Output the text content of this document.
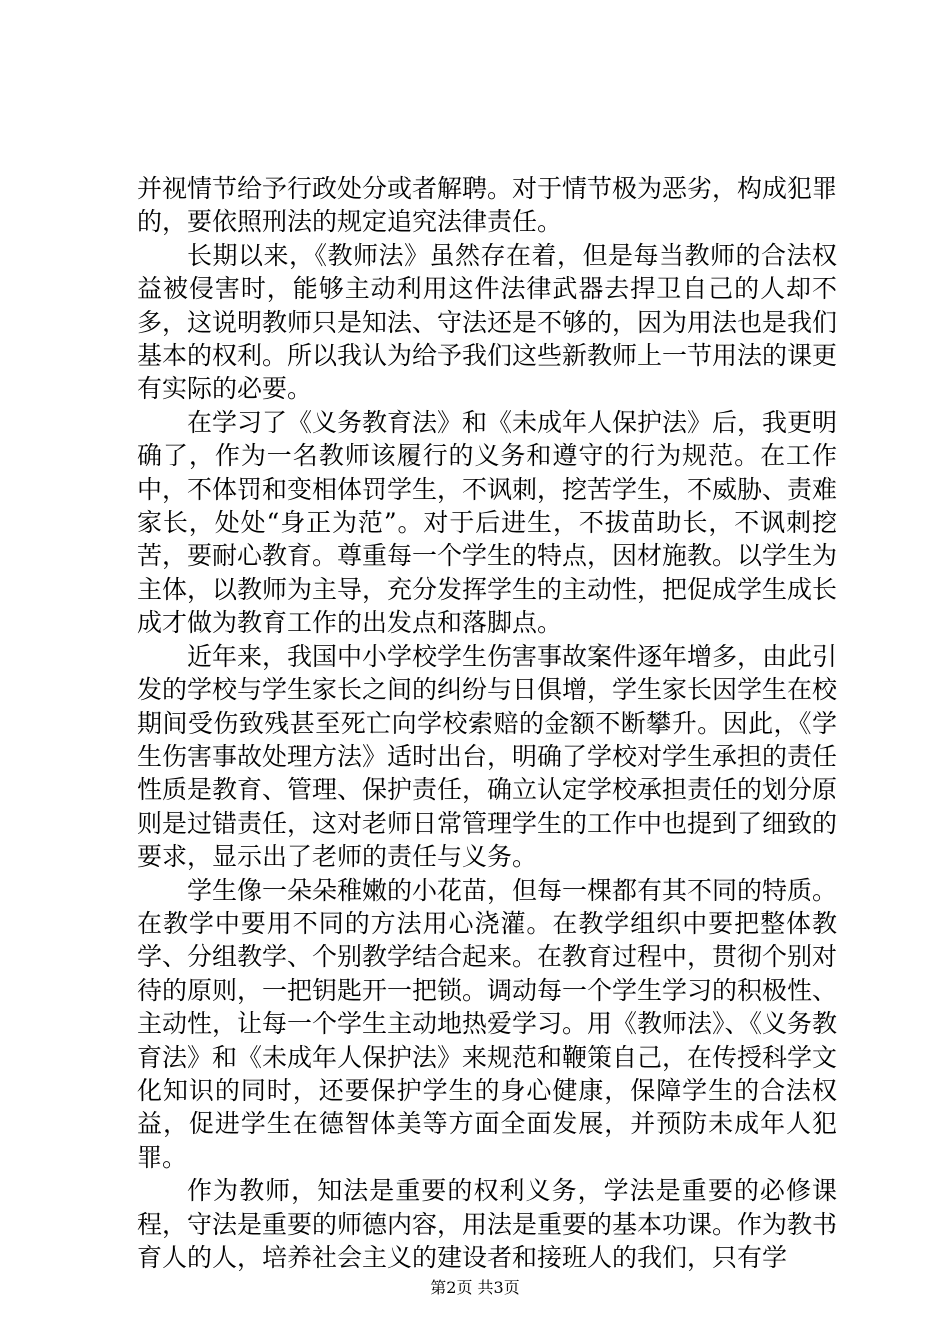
并视情节给予行政处分或者解聘。对于情节极为恶劣，构成犯罪的，要依照刑法的规定追究法律责任。

长期以来，《教师法》虽然存在着，但是每当教师的合法权益被侵害时，能够主动利用这件法律武器去捍卫自己的人却不多，这说明教师只是知法、守法还是不够的，因为用法也是我们基本的权利。所以我认为给予我们这些新教师上一节用法的课更有实际的必要。

在学习了《义务教育法》和《未成年人保护法》后，我更明确了，作为一名教师该履行的义务和遵守的行为规范。在工作中，不体罚和变相体罚学生，不讽刺，挖苦学生，不威胁、责难家长，处处“身正为范”。对于后进生，不拔苗助长，不讽刺挖苦，要耐心教育。尊重每一个学生的特点，因材施教。以学生为主体，以教师为主导，充分发挥学生的主动性，把促成学生成长成才做为教育工作的出发点和落脚点。

近年来，我国中小学校学生伤害事故案件逐年增多，由此引发的学校与学生家长之间的纠纷与日俱增，学生家长因学生在校期间受伤致残甚至死亡向学校索赔的金额不断攀升。因此，《学生伤害事故处理方法》适时出台，明确了学校对学生承担的责任性质是教育、管理、保护责任，确立认定学校承担责任的划分原则是过错责任，这对老师日常管理学生的工作中也提到了细致的要求，显示出了老师的责任与义务。

学生像一朵朵稚嫩的小花苗，但每一棵都有其不同的特质。在教学中要用不同的方法用心浇灌。在教学组织中要把整体教学、分组教学、个别教学结合起来。在教育过程中，贯彻个别对待的原则，一把钥匙开一把锁。调动每一个学生学习的积极性、主动性，让每一个学生主动地热爱学习。用《教师法》、《义务教育法》和《未成年人保护法》来规范和鞭策自己，在传授科学文化知识的同时，还要保护学生的身心健康，保障学生的合法权益，促进学生在德智体美等方面全面发展，并预防未成年人犯罪。

作为教师，知法是重要的权利义务，学法是重要的必修课程，守法是重要的师德内容，用法是重要的基本功课。作为教书育人的人，培养社会主义的建设者和接班人的我们，只有学

第2页 共3页
